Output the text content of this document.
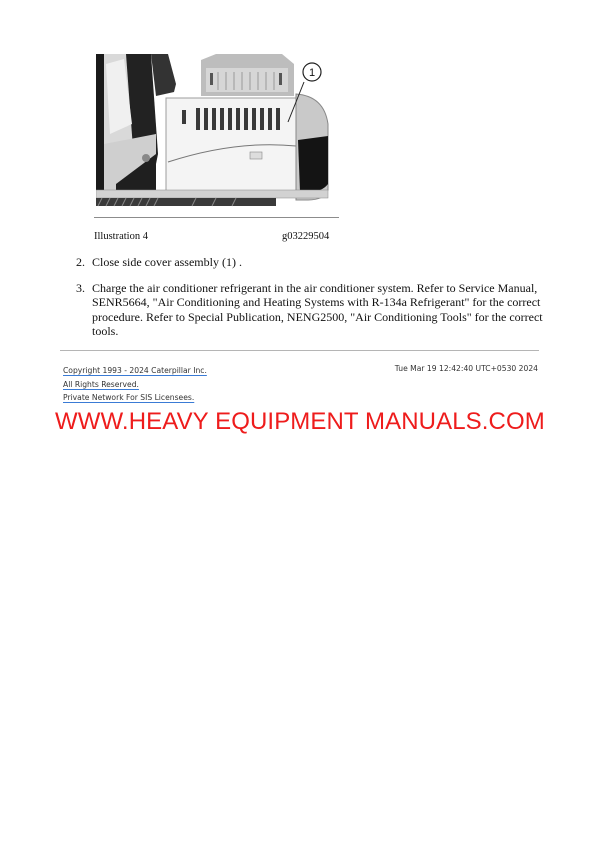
1
Illustration 4	g03229504
2. Close side cover assembly (1) .
3. Charge the air conditioner refrigerant in the air conditioner system. Refer to Service Manual, SENR5664, "Air Conditioning and Heating Systems with R-134a Refrigerant" for the correct procedure. Refer to Special Publication, NENG2500, "Air Conditioning Tools" for the correct tools.
Copyright 1993 - 2024 Caterpillar Inc.
All Rights Reserved.
Private Network For SIS Licensees.
Tue Mar 19 12:42:40 UTC+0530 2024
WWW.HEAVY EQUIPMENT MANUALS.COM
